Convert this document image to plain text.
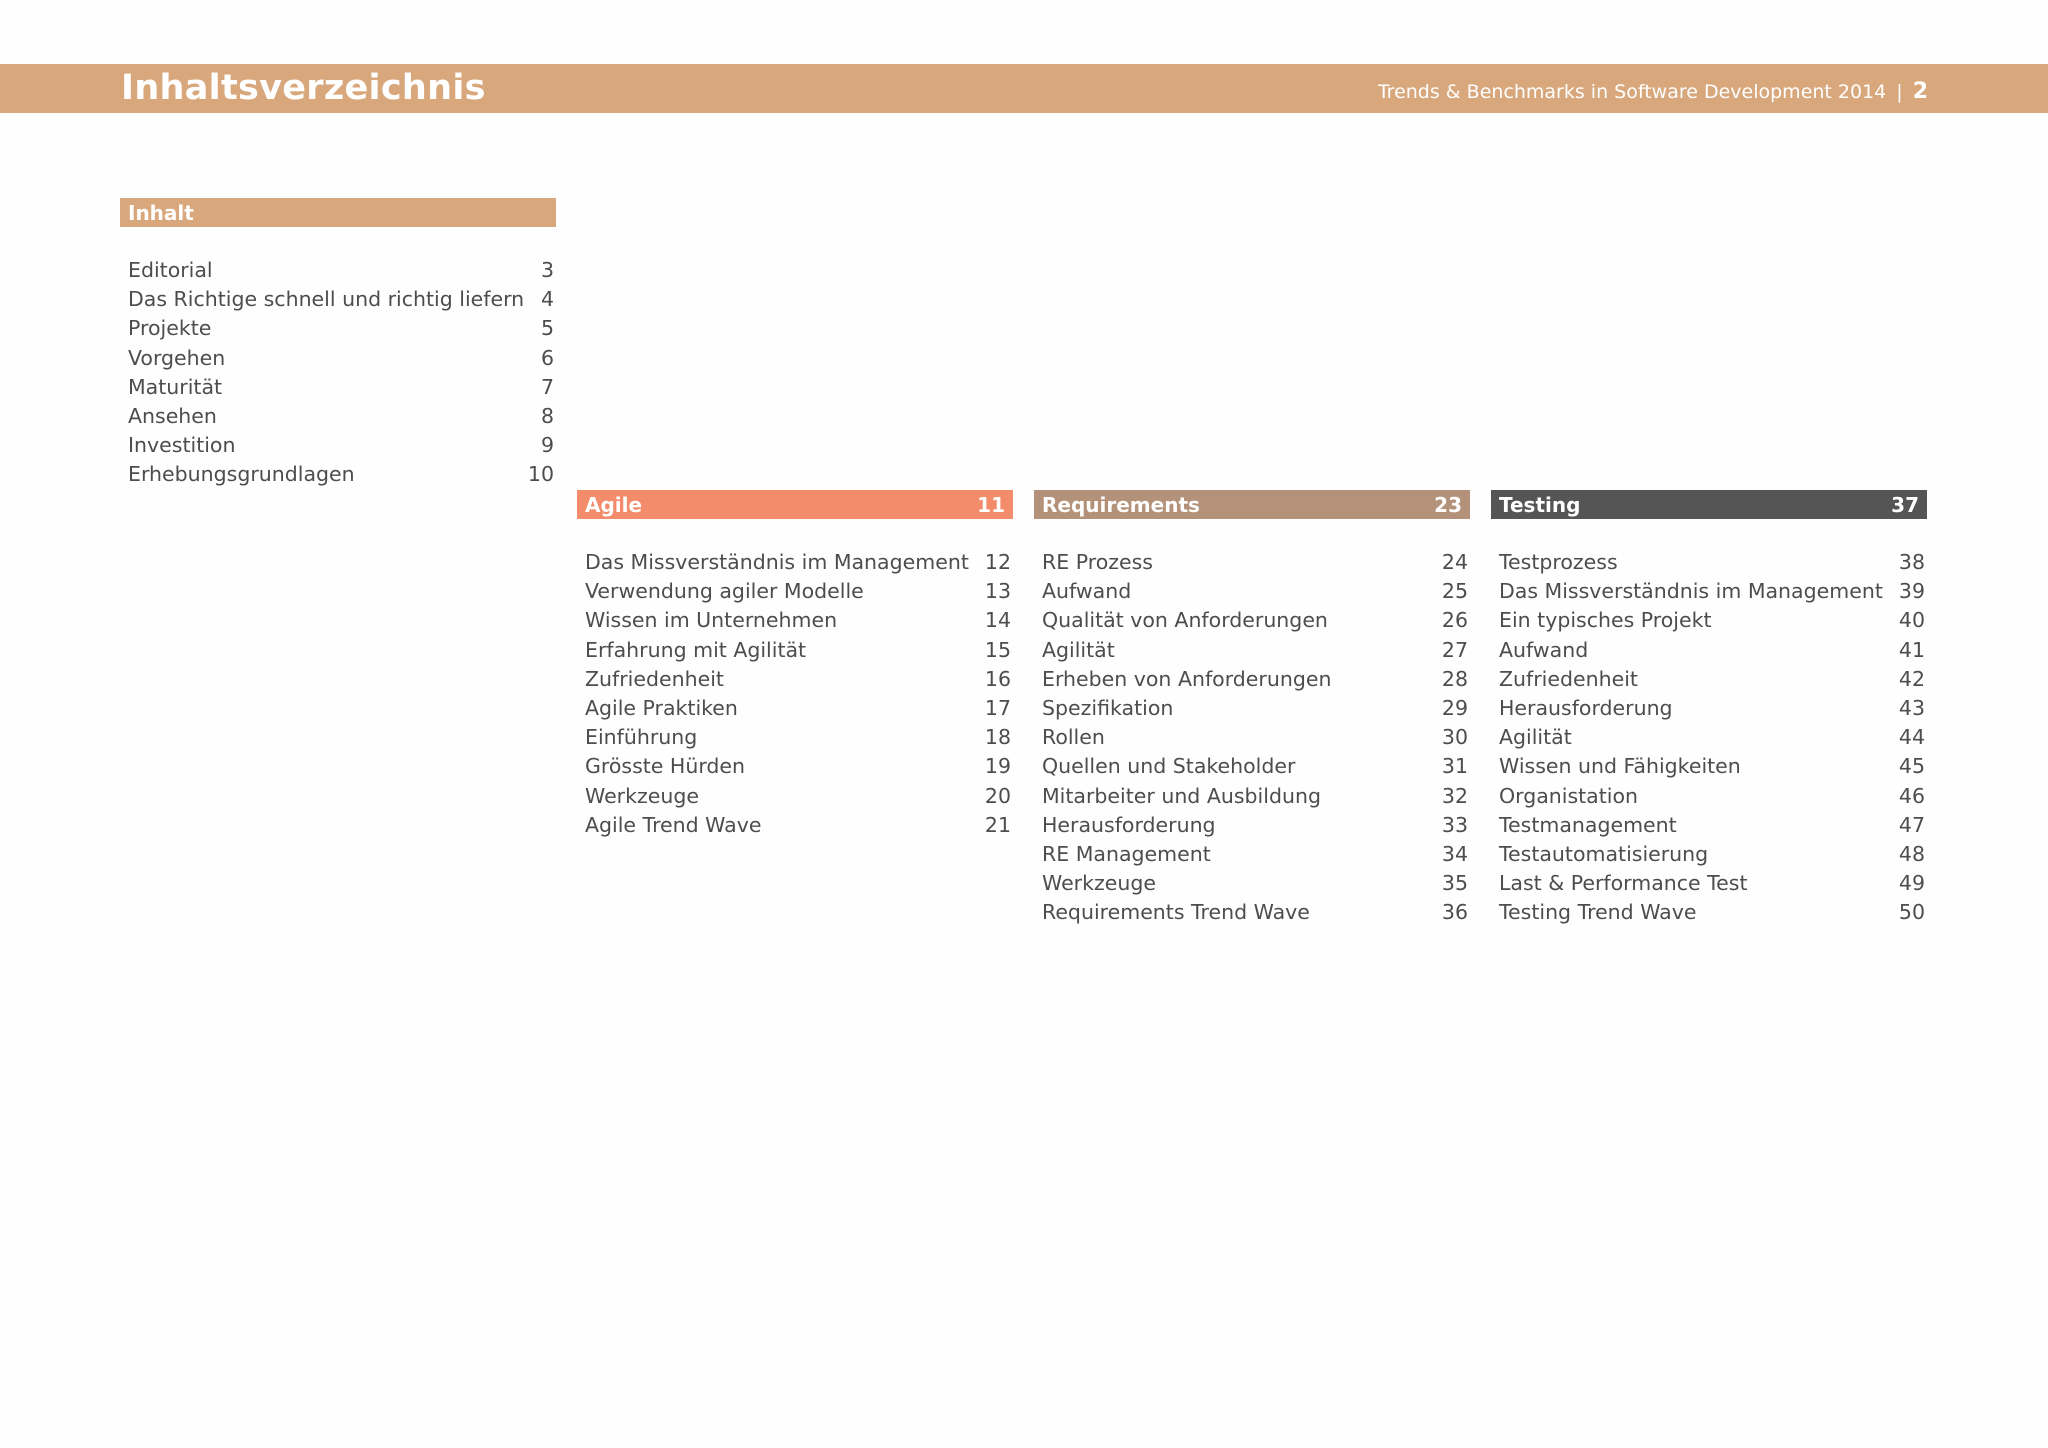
Inhaltsverzeichnis	Trends & Benchmarks in Software Development 2014 | 2
Inhalt
Editorial	3
Das Richtige schnell und richtig liefern 4
Projekte	5
Vorgehen	6
Maturität	7
Ansehen	8
Investition	9
Erhebungsgrundlagen	10
Agile	11
Das Missverständnis im Management 12
Verwendung agiler Modelle	13
Wissen im Unternehmen	14
Erfahrung mit Agilität	15
Zufriedenheit	16
Agile Praktiken	17
Einführung	18
Grösste Hürden	19
Werkzeuge	20
Agile Trend Wave	21
Requirements	23
RE Prozess	24
Aufwand	25
Qualität von Anforderungen	26
Agilität	27
Erheben von Anforderungen	28
Spezifikation	29
Rollen	30
Quellen und Stakeholder	31
Mitarbeiter und Ausbildung	32
Herausforderung	33
RE Management	34
Werkzeuge	35
Requirements Trend Wave	36
Testing	37
Testprozess	38
Das Missverständnis im Management 39
Ein typisches Projekt	40
Aufwand	41
Zufriedenheit	42
Herausforderung	43
Agilität	44
Wissen und Fähigkeiten	45
Organistation	46
Testmanagement	47
Testautomatisierung	48
Last & Performance Test	49
Testing Trend Wave	50
